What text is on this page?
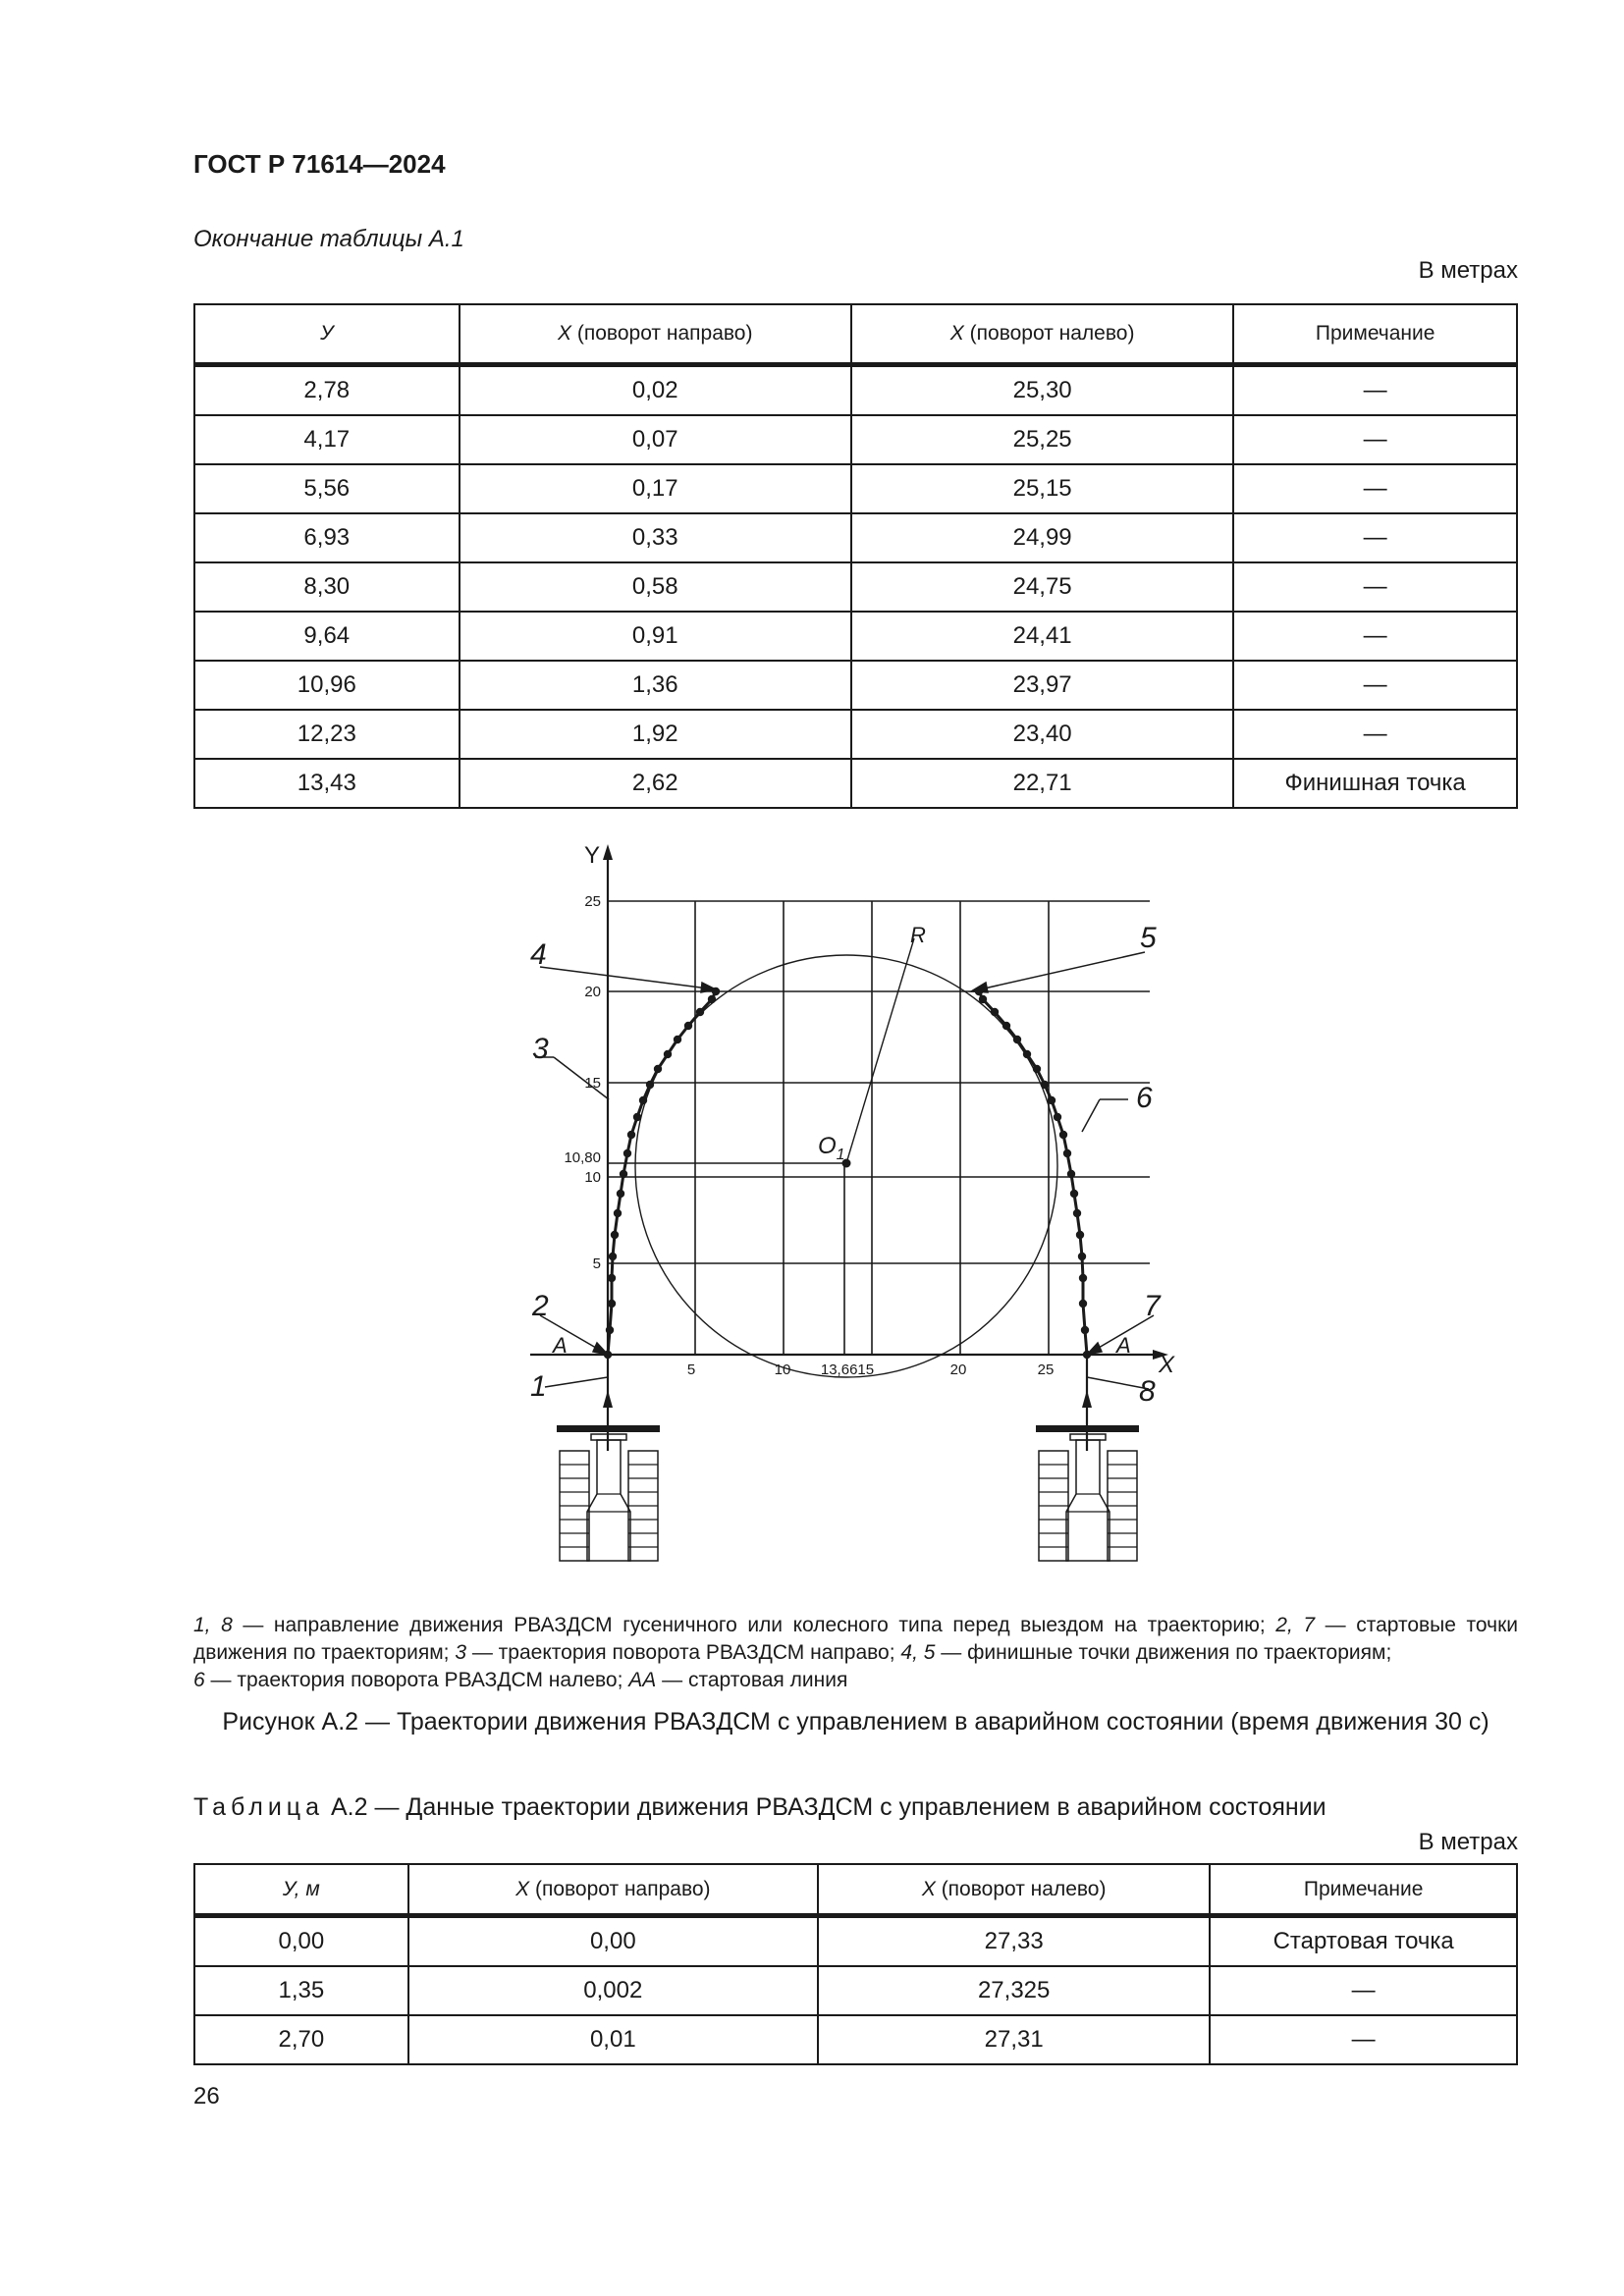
ГОСТ Р 71614—2024
Окончание таблицы А.1
В метрах
У	X (поворот направо)	X (поворот налево)	Примечание
2,78	0,02	25,30	—
4,17	0,07	25,25	—
5,56	0,17	25,15	—
6,93	0,33	24,99	—
8,30	0,58	24,75	—
9,64	0,91	24,41	—
10,96	1,36	23,97	—
12,23	1,92	23,40	—
13,43	2,62	22,71	Финишная точка
25
20
15
10,80
10
5
5	10 13,6615	20	25
Y
X
R
$O_1$
A	A
4
5
3
6
2	7
1	8
1, 8 — направление движения РВАЗДСМ гусеничного или колесного типа перед выездом на траекторию; 2, 7 — стартовые точки движения по траекториям; 3 — траектория поворота РВАЗДСМ направо; 4, 5 — финишные точки движения по траекториям;
6 — траектория поворота РВАЗДСМ налево; АА — стартовая линия
Рисунок А.2 — Траектории движения РВАЗДСМ с управлением в аварийном состоянии (время движения 30 с)
Таблица А.2 — Данные траектории движения РВАЗДСМ с управлением в аварийном состоянии
В метрах
У, м	X (поворот направо)	X (поворот налево)	Примечание
0,00	0,00	27,33	Стартовая точка
1,35	0,002	27,325	—
2,70	0,01	27,31	—
26
